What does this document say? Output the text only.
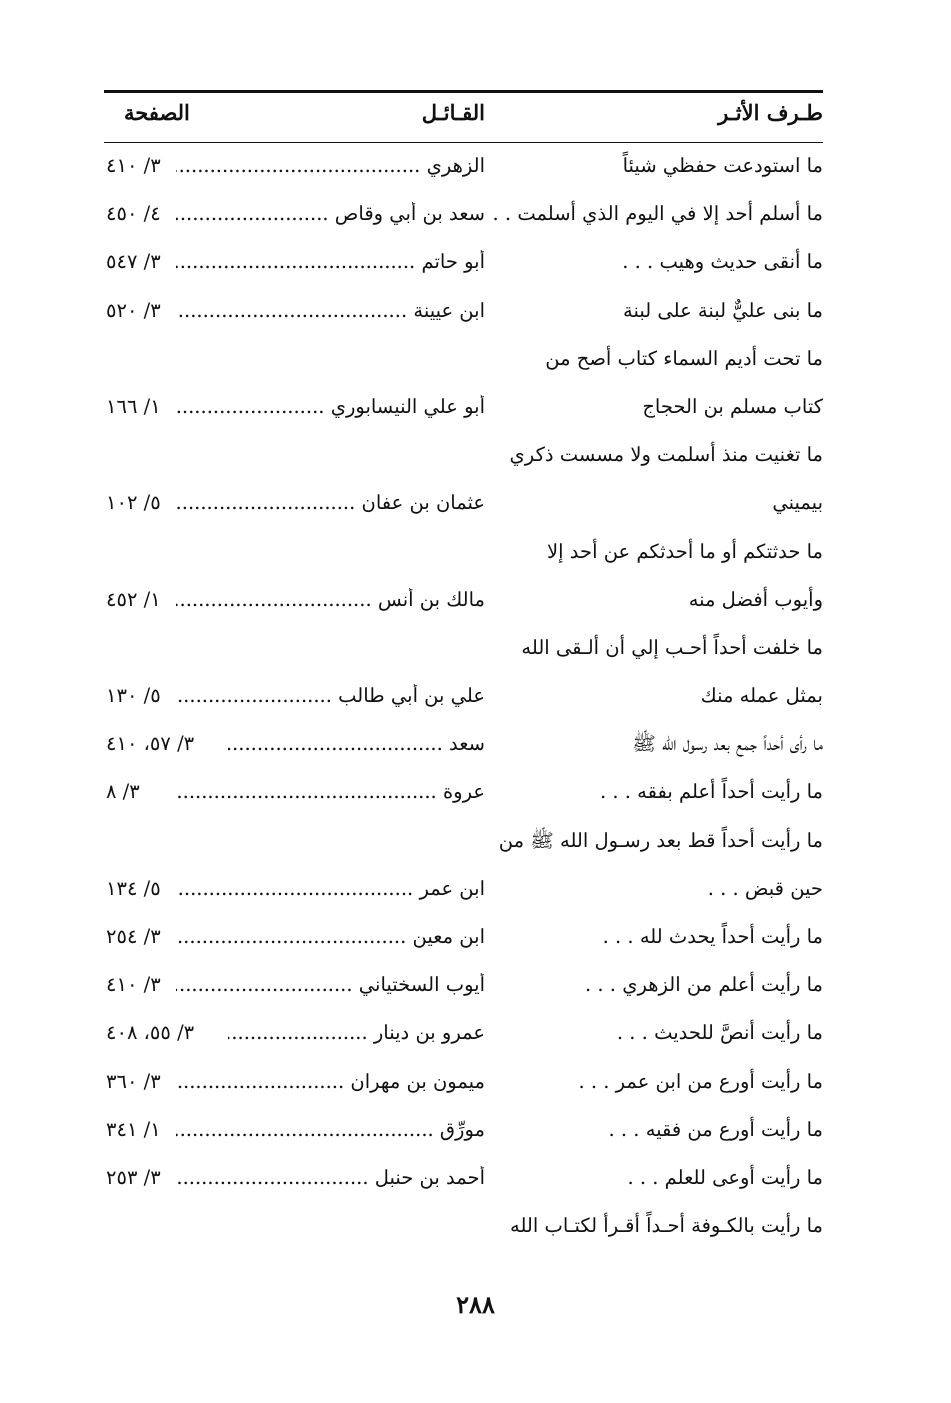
طـرف الأثـر
القـائـل
الصفحة
ما استودعت حفظي شيئاً
الزهري .....
٣/ ٤١٠
ما أسلم أحد إلا في اليوم الذي أسلمت . .
سعد بن أبي وقاص .....
٤/ ٤٥٠
ما أنقى حديث وهيب . . .
أبو حاتم .....
٣/ ٥٤٧
ما بنى عليٌّ لبنة على لبنة
ابن عيينة .....
٣/ ٥٢٠
ما تحت أديم السماء كتاب أصح من
كتاب مسلم بن الحجاج
أبو علي النيسابوري .....
١/ ١٦٦
ما تغنيت منذ أسلمت ولا مسست ذكري
بيميني
عثمان بن عفان .....
٥/ ١٠٢
ما حدثتكم أو ما أحدثكم عن أحد إلا
وأيوب أفضل منه
مالك بن أنس .....
١/ ٤٥٢
ما خلفت أحداً أحـب إلي أن ألـقى الله
بمثل عمله منك
علي بن أبي طالب .....
٥/ ١٣٠
ما رأى أحداً جمع بعد رسول الله ﷺ
سعد .....
٣/ ٥٧، ٤١٠
ما رأيت أحداً أعلم بفقه . . .
عروة .....
٣/ ٨
ما رأيت أحداً قط بعد رسـول الله ﷺ من
حين قبض . . .
ابن عمر .....
٥/ ١٣٤
ما رأيت أحداً يحدث لله . . .
ابن معين .....
٣/ ٢٥٤
ما رأيت أعلم من الزهري . . .
أيوب السختياني .....
٣/ ٤١٠
ما رأيت أنصَّ للحديث . . .
عمرو بن دينار .....
٣/ ٥٥، ٤٠٨
ما رأيت أورع من ابن عمر . . .
ميمون بن مهران .....
٣/ ٣٦٠
ما رأيت أورع من فقيه . . .
مورِّق .....
١/ ٣٤١
ما رأيت أوعى للعلم . . .
أحمد بن حنبل .....
٣/ ٢٥٣
ما رأيت بالكـوفة أحـداً أقـرأ لكتـاب الله
٢٨٨
